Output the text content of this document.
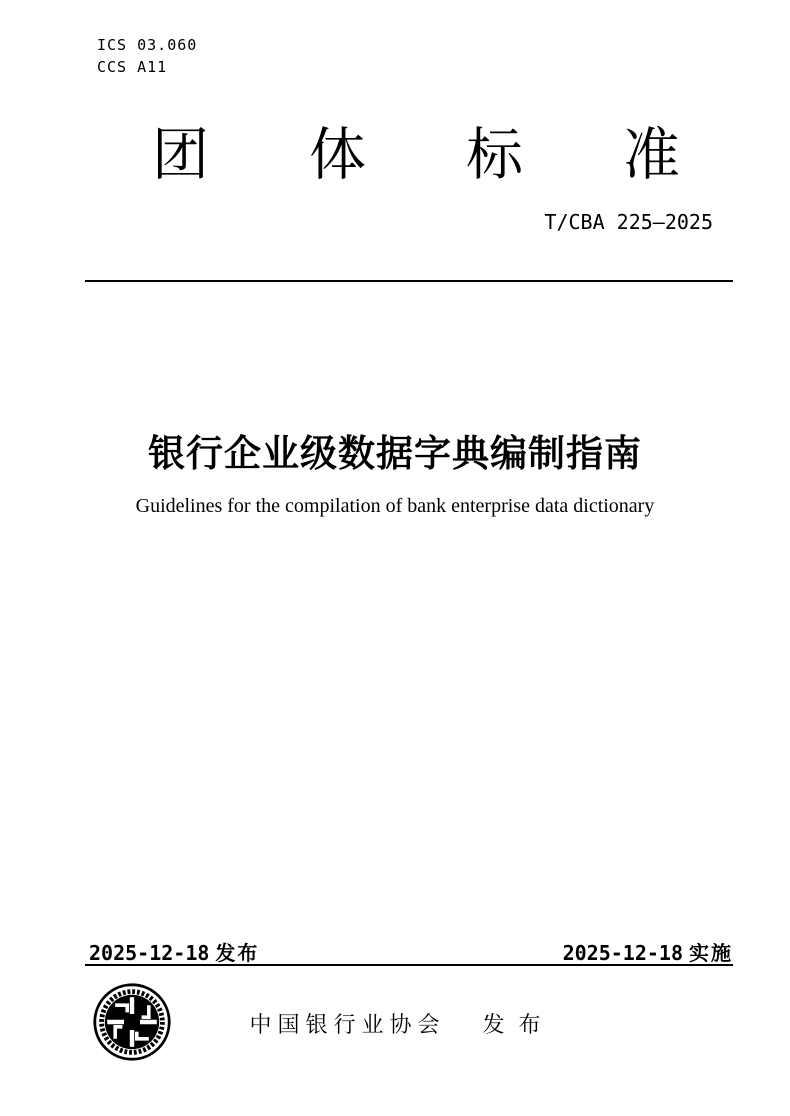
ICS 03.060
CCS A11
团体标准
T/CBA 225—2025
银行企业级数据字典编制指南
Guidelines for the compilation of bank enterprise data dictionary
2025-12-18 发布	2025-12-18 实施
中国银行业协会 发布
